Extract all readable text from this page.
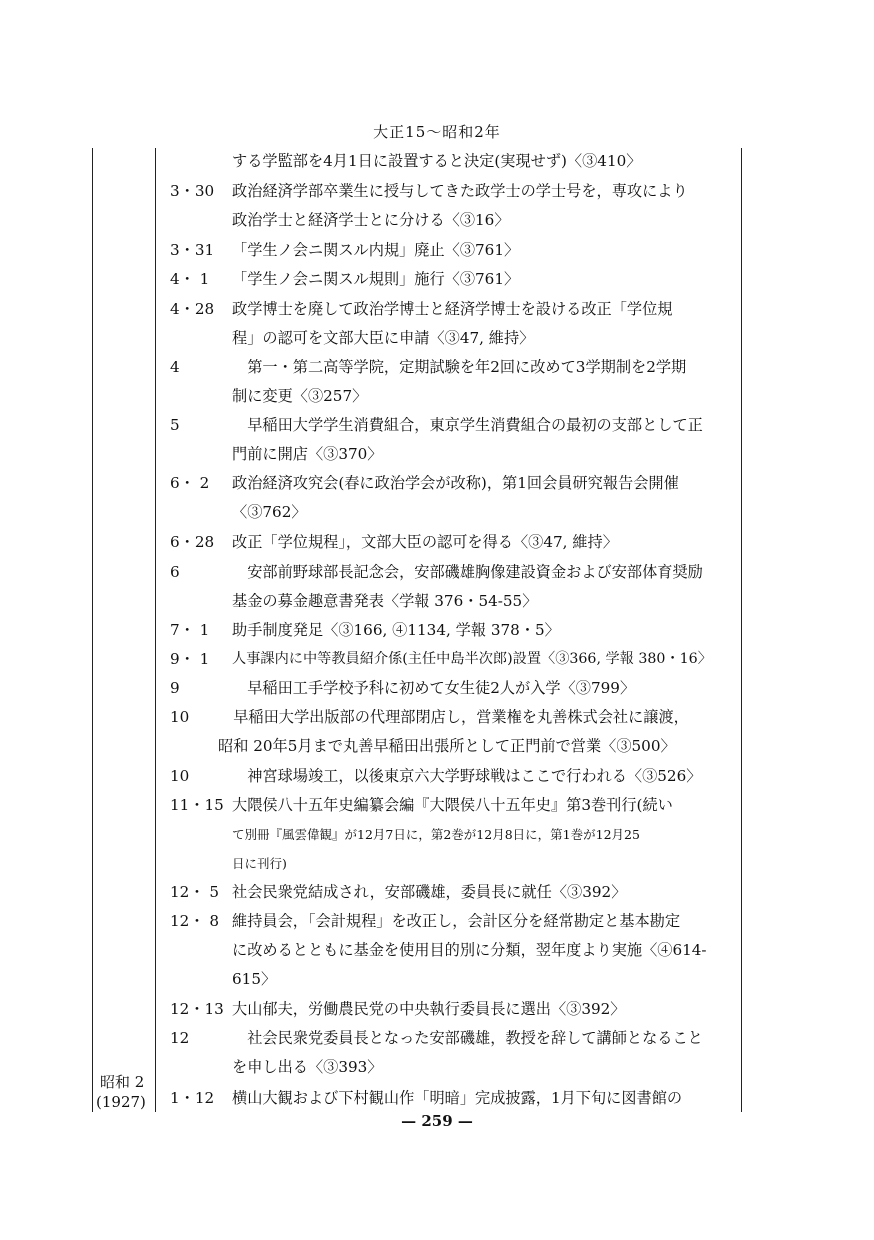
大正15～昭和2年
昭和 2
(1927)
する学監部を4月1日に設置すると決定(実現せず)〈③410〉
3・30 政治経済学部卒業生に授与してきた政学士の学士号を，専攻により
政治学士と経済学士とに分ける〈③16〉
3・31 「学生ノ会ニ関スル内規」廃止〈③761〉
4・ 1 「学生ノ会ニ関スル規則」施行〈③761〉
4・28 政学博士を廃して政治学博士と経済学博士を設ける改正「学位規
程」の認可を文部大臣に申請〈③47, 維持〉
4	第一・第二高等学院，定期試験を年2回に改めて3学期制を2学期
制に変更〈③257〉
5	早稲田大学学生消費組合，東京学生消費組合の最初の支部として正
門前に開店〈③370〉
6・ 2 政治経済攻究会(春に政治学会が改称)，第1回会員研究報告会開催
〈③762〉
6・28 改正「学位規程」，文部大臣の認可を得る〈③47, 維持〉
6	安部前野球部長記念会，安部磯雄胸像建設資金および安部体育奨励
基金の募金趣意書発表〈学報 376・54-55〉
7・ 1 助手制度発足〈③166, ④1134, 学報 378・5〉
9・ 1 人事課内に中等教員紹介係(主任中島半次郎)設置〈③366, 学報 380・16〉
9	早稲田工手学校予科に初めて女生徒2人が入学〈③799〉
10	早稲田大学出版部の代理部閉店し，営業権を丸善株式会社に譲渡，
昭和 20年5月まで丸善早稲田出張所として正門前で営業〈③500〉
10	神宮球場竣工，以後東京六大学野球戦はここで行われる〈③526〉
11・15 大隈侯八十五年史編纂会編『大隈侯八十五年史』第3巻刊行(続い
て別冊『風雲偉観』が12月7日に，第2巻が12月8日に，第1巻が12月25
日に刊行)
12・ 5 社会民衆党結成され，安部磯雄，委員長に就任〈③392〉
12・ 8 維持員会，「会計規程」を改正し，会計区分を経常勘定と基本勘定
に改めるとともに基金を使用目的別に分類，翌年度より実施〈④614-
615〉
12・13 大山郁夫，労働農民党の中央執行委員長に選出〈③392〉
12	社会民衆党委員長となった安部磯雄，教授を辞して講師となること
を申し出る〈③393〉
1・12 横山大観および下村観山作「明暗」完成披露，1月下旬に図書館の
— 259 —
